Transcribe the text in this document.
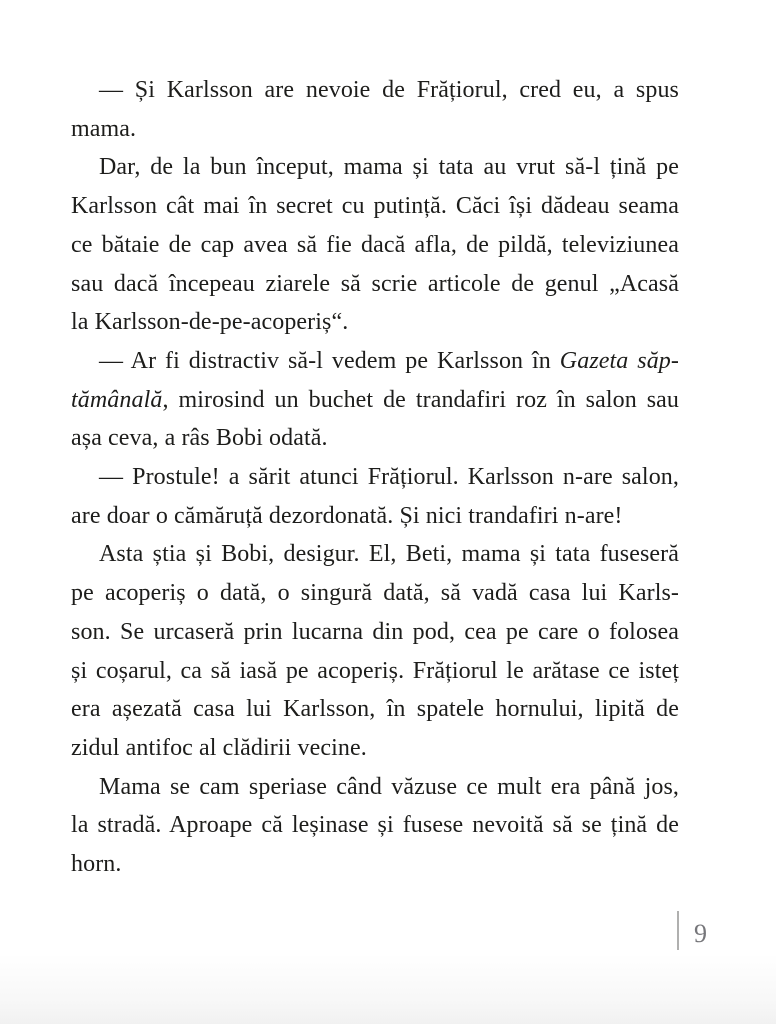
— Și Karlsson are nevoie de Frățiorul, cred eu, a spus
mama.
Dar, de la bun început, mama și tata au vrut să-l țină pe
Karlsson cât mai în secret cu putință. Căci își dădeau seama
ce bătaie de cap avea să fie dacă afla, de pildă, televiziunea
sau dacă începeau ziarele să scrie articole de genul „Acasă
la Karlsson-de-pe-acoperiș“.
— Ar fi distractiv să-l vedem pe Karlsson în Gazeta săp-
tămânală, mirosind un buchet de trandafiri roz în salon sau
așa ceva, a râs Bobi odată.
— Prostule! a sărit atunci Frățiorul. Karlsson n-are salon,
are doar o cămăruță dezordonată. Și nici trandafiri n-are!
Asta știa și Bobi, desigur. El, Beti, mama și tata fuseseră
pe acoperiș o dată, o singură dată, să vadă casa lui Karls-
son. Se urcaseră prin lucarna din pod, cea pe care o folosea
și coșarul, ca să iasă pe acoperiș. Frățiorul le arătase ce isteț
era așezată casa lui Karlsson, în spatele hornului, lipită de
zidul antifoc al clădirii vecine.
Mama se cam speriase când văzuse ce mult era până jos,
la stradă. Aproape că leșinase și fusese nevoită să se țină de
horn.
9
